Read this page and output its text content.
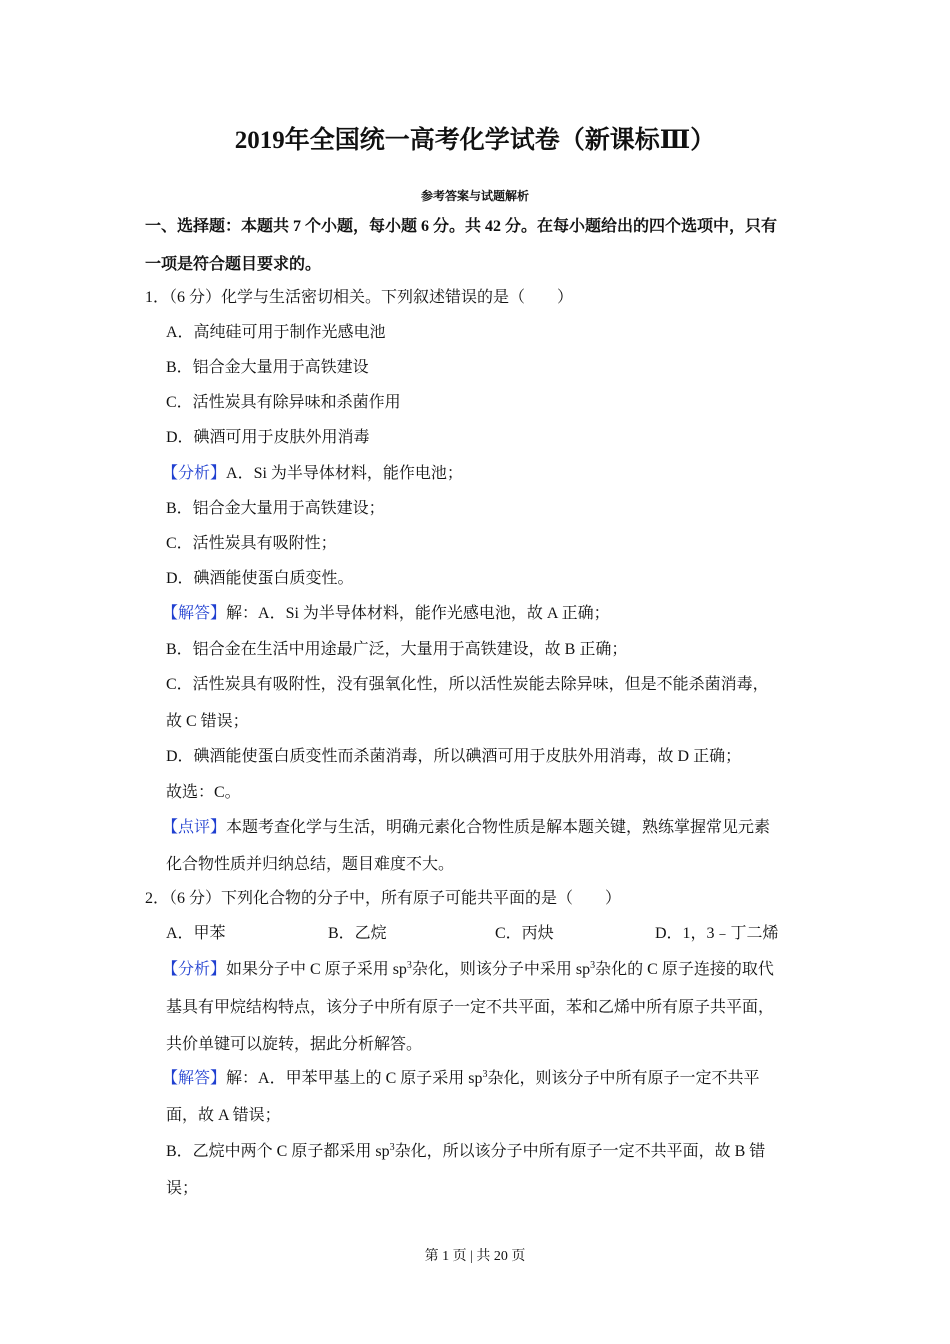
2019年全国统一高考化学试卷（新课标Ⅲ）
参考答案与试题解析
一、选择题：本题共 7 个小题，每小题 6 分。共 42 分。在每小题给出的四个选项中，只有
一项是符合题目要求的。
1．（6 分）化学与生活密切相关。下列叙述错误的是（　　）
A．高纯硅可用于制作光感电池
B．铝合金大量用于高铁建设
C．活性炭具有除异味和杀菌作用
D．碘酒可用于皮肤外用消毒
【分析】A．Si 为半导体材料，能作电池；
B．铝合金大量用于高铁建设；
C．活性炭具有吸附性；
D．碘酒能使蛋白质变性。
【解答】解：A．Si 为半导体材料，能作光感电池，故 A 正确；
B．铝合金在生活中用途最广泛，大量用于高铁建设，故 B 正确；
C．活性炭具有吸附性，没有强氧化性，所以活性炭能去除异味，但是不能杀菌消毒，
故 C 错误；
D．碘酒能使蛋白质变性而杀菌消毒，所以碘酒可用于皮肤外用消毒，故 D 正确；
故选：C。
【点评】本题考查化学与生活，明确元素化合物性质是解本题关键，熟练掌握常见元素
化合物性质并归纳总结，题目难度不大。
2．（6 分）下列化合物的分子中，所有原子可能共平面的是（　　）
A．甲苯	B．乙烷	C．丙炔	D．1，3﹣丁二烯
【分析】如果分子中 C 原子采用 $sp^3$杂化，则该分子中采用 $sp^3$杂化的 C 原子连接的取代
基具有甲烷结构特点，该分子中所有原子一定不共平面，苯和乙烯中所有原子共平面，
共价单键可以旋转，据此分析解答。
【解答】解：A．甲苯甲基上的 C 原子采用 $sp^3$杂化，则该分子中所有原子一定不共平
面，故 A 错误；
B．乙烷中两个 C 原子都采用 $sp^3$杂化，所以该分子中所有原子一定不共平面，故 B 错
误；
第 1 页 | 共 20 页
